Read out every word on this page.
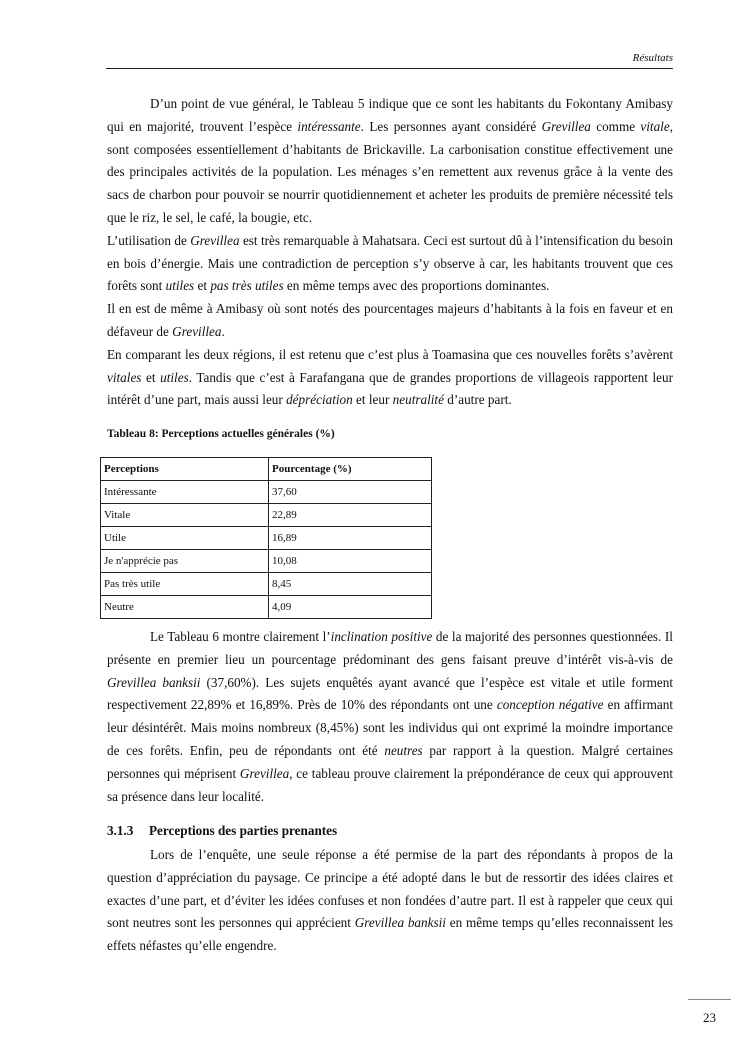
Résultats

D’un point de vue général, le Tableau 5 indique que ce sont les habitants du Fokontany Amibasy qui en majorité, trouvent l’espèce intéressante. Les personnes ayant considéré Grevillea comme vitale, sont composées essentiellement d’habitants de Brickaville. La carbonisation constitue effectivement une des principales activités de la population. Les ménages s’en remettent aux revenus grâce à la vente des sacs de charbon pour pouvoir se nourrir quotidiennement et acheter les produits de première nécessité tels que le riz, le sel, le café, la bougie, etc.

L’utilisation de Grevillea est très remarquable à Mahatsara. Ceci est surtout dû à l’intensification du besoin en bois d’énergie. Mais une contradiction de perception s’y observe à car, les habitants trouvent que ces forêts sont utiles et pas très utiles en même temps avec des proportions dominantes.

Il en est de même à Amibasy où sont notés des pourcentages majeurs d’habitants à la fois en faveur et en défaveur de Grevillea.

En comparant les deux régions, il est retenu que c’est plus à Toamasina que ces nouvelles forêts s’avèrent vitales et utiles. Tandis que c’est à Farafangana que de grandes proportions de villageois rapportent leur intérêt d’une part, mais aussi leur dépréciation et leur neutralité d’autre part.

Tableau 8: Perceptions actuelles générales (%)
Perceptions	Pourcentage (%)
Intéressante	37,60
Vitale	22,89
Utile	16,89
Je n'apprécie pas	10,08
Pas très utile	8,45
Neutre	4,09

Le Tableau 6 montre clairement l’inclination positive de la majorité des personnes questionnées. Il présente en premier lieu un pourcentage prédominant des gens faisant preuve d’intérêt vis-à-vis de Grevillea banksii (37,60%). Les sujets enquêtés ayant avancé que l’espèce est vitale et utile forment respectivement 22,89% et 16,89%. Près de 10% des répondants ont une conception négative en affirmant leur désintérêt. Mais moins nombreux (8,45%) sont les individus qui ont exprimé la moindre importance de ces forêts. Enfin, peu de répondants ont été neutres par rapport à la question. Malgré certaines personnes qui méprisent Grevillea, ce tableau prouve clairement la prépondérance de ceux qui approuvent sa présence dans leur localité.

3.1.3 Perceptions des parties prenantes

Lors de l’enquête, une seule réponse a été permise de la part des répondants à propos de la question d’appréciation du paysage. Ce principe a été adopté dans le but de ressortir des idées claires et exactes d’une part, et d’éviter les idées confuses et non fondées d’autre part. Il est à rappeler que ceux qui sont neutres sont les personnes qui apprécient Grevillea banksii en même temps qu’elles reconnaissent les effets néfastes qu’elle engendre.

23
